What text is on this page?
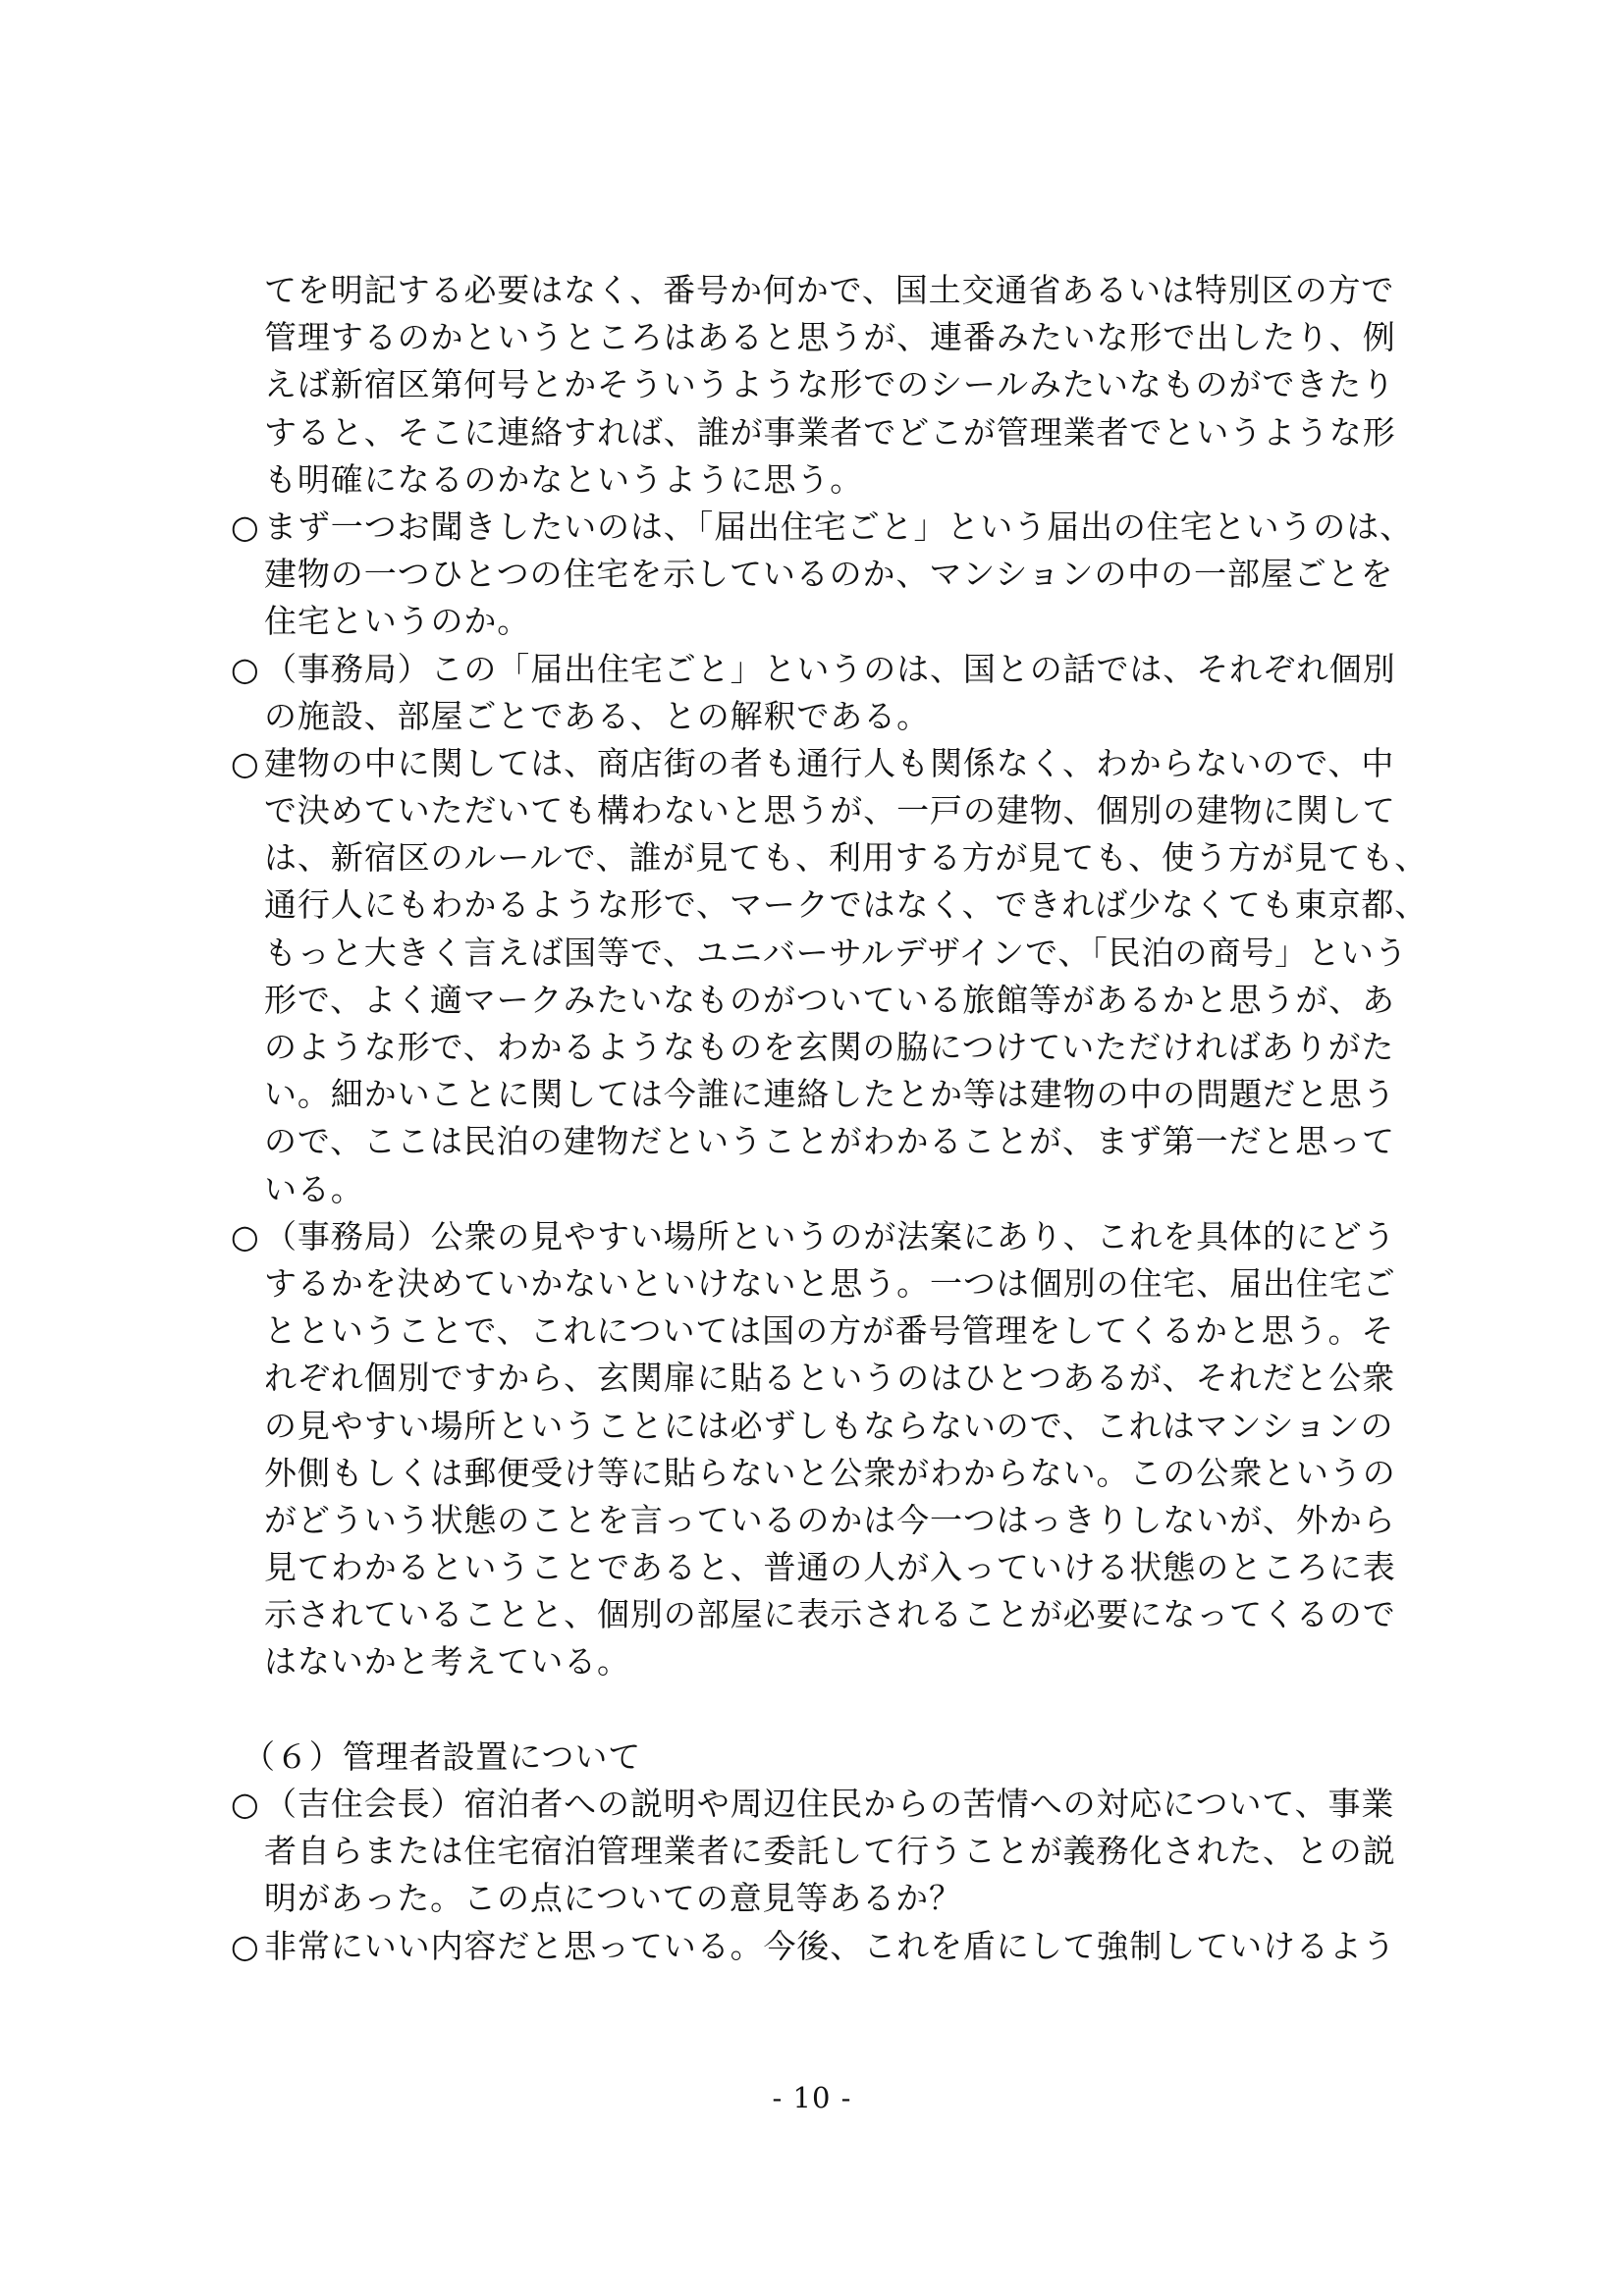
てを明記する必要はなく、番号か何かで、国土交通省あるいは特別区の方で
管理するのかというところはあると思うが、連番みたいな形で出したり、例
えば新宿区第何号とかそういうような形でのシールみたいなものができたり
すると、そこに連絡すれば、誰が事業者でどこが管理業者でというような形
も明確になるのかなというように思う。
○ まず一つお聞きしたいのは、「届出住宅ごと」という届出の住宅というのは、
建物の一つひとつの住宅を示しているのか、マンションの中の一部屋ごとを
住宅というのか。
○ （事務局）この「届出住宅ごと」というのは、国との話では、それぞれ個別
の施設、部屋ごとである、との解釈である。
○ 建物の中に関しては、商店街の者も通行人も関係なく、わからないので、中
で決めていただいても構わないと思うが、一戸の建物、個別の建物に関して
は、新宿区のルールで、誰が見ても、利用する方が見ても、使う方が見ても、
通行人にもわかるような形で、マークではなく、できれば少なくても東京都、
もっと大きく言えば国等で、ユニバーサルデザインで、「民泊の商号」という
形で、よく適マークみたいなものがついている旅館等があるかと思うが、あ
のような形で、わかるようなものを玄関の脇につけていただければありがた
い。細かいことに関しては今誰に連絡したとか等は建物の中の問題だと思う
ので、ここは民泊の建物だということがわかることが、まず第一だと思って
いる。
○ （事務局）公衆の見やすい場所というのが法案にあり、これを具体的にどう
するかを決めていかないといけないと思う。一つは個別の住宅、届出住宅ご
とということで、これについては国の方が番号管理をしてくるかと思う。そ
れぞれ個別ですから、玄関扉に貼るというのはひとつあるが、それだと公衆
の見やすい場所ということには必ずしもならないので、これはマンションの
外側もしくは郵便受け等に貼らないと公衆がわからない。この公衆というの
がどういう状態のことを言っているのかは今一つはっきりしないが、外から
見てわかるということであると、普通の人が入っていける状態のところに表
示されていることと、個別の部屋に表示されることが必要になってくるので
はないかと考えている。
（６）管理者設置について
○ （吉住会長）宿泊者への説明や周辺住民からの苦情への対応について、事業
者自らまたは住宅宿泊管理業者に委託して行うことが義務化された、との説
明があった。この点についての意見等あるか？
○ 非常にいい内容だと思っている。今後、これを盾にして強制していけるよう
- 10 -
